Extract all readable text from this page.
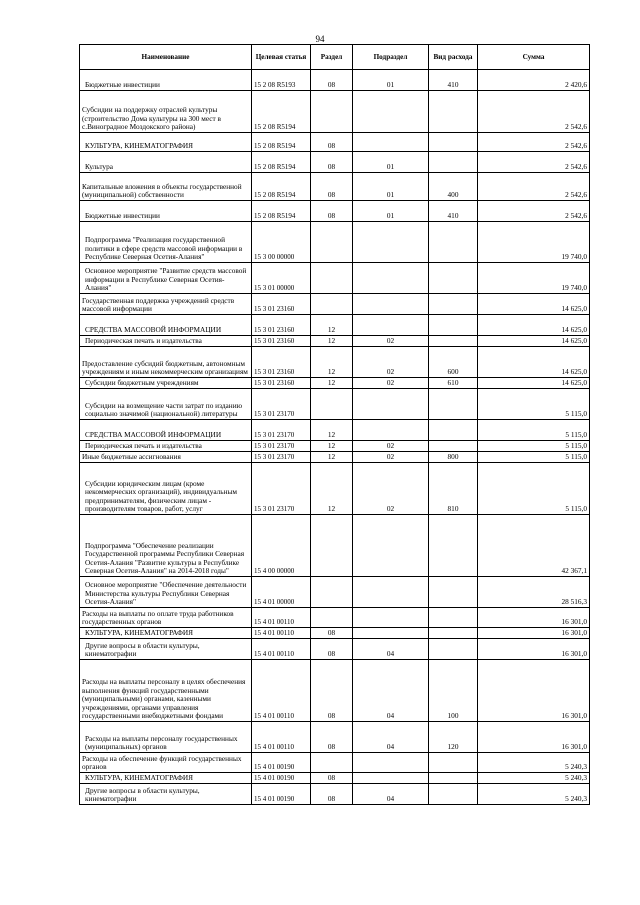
94
Наименование	Целевая статья	Раздел	Подраздел	Вид расхода	Сумма
Бюджетные инвестиции	15 2 08 R5193	08	01	410	2 420,6
Субсидии на поддержку отраслей культуры (строительство Дома культуры на 300 мест в с.Виноградное Моздокского района)	15 2 08 R5194				2 542,6
КУЛЬТУРА, КИНЕМАТОГРАФИЯ	15 2 08 R5194	08			2 542,6
Культура	15 2 08 R5194	08	01		2 542,6
Капитальные вложения в объекты государственной (муниципальной) собственности	15 2 08 R5194	08	01	400	2 542,6
Бюджетные инвестиции	15 2 08 R5194	08	01	410	2 542,6
Подпрограмма "Реализация государственной политики в сфере средств массовой информации в Республике Северная Осетия-Алания"	15 3 00 00000				19 740,0
Основное мероприятие "Развитие средств массовой информации в Республике Северная Осетия-Алания"	15 3 01 00000				19 740,0
Государственная поддержка учреждений средств массовой информации	15 3 01 23160				14 625,0
СРЕДСТВА МАССОВОЙ ИНФОРМАЦИИ	15 3 01 23160	12			14 625,0
Периодическая печать и издательства	15 3 01 23160	12	02		14 625,0
Предоставление субсидий бюджетным, автономным учреждениям и иным некоммерческим организациям	15 3 01 23160	12	02	600	14 625,0
Субсидии бюджетным учреждениям	15 3 01 23160	12	02	610	14 625,0
Субсидии на возмещение части затрат по изданию социально значимой (национальной) литературы	15 3 01 23170				5 115,0
СРЕДСТВА МАССОВОЙ ИНФОРМАЦИИ	15 3 01 23170	12			5 115,0
Периодическая печать и издательства	15 3 01 23170	12	02		5 115,0
Иные бюджетные ассигнования	15 3 01 23170	12	02	800	5 115,0
Субсидии юридическим лицам (кроме некоммерческих организаций), индивидуальным предпринимателям, физическим лицам - производителям товаров, работ, услуг	15 3 01 23170	12	02	810	5 115,0
Подпрограмма "Обеспечение реализации Государственной программы Республики Северная Осетия-Алания "Развитие культуры в Республике Северная Осетия-Алания" на 2014-2018 годы"	15 4 00 00000				42 367,1
Основное мероприятие "Обеспечение деятельности Министерства культуры Республики Северная Осетия-Алания"	15 4 01 00000				28 516,3
Расходы на выплаты по оплате труда работников государственных органов	15 4 01 00110				16 301,0
КУЛЬТУРА, КИНЕМАТОГРАФИЯ	15 4 01 00110	08			16 301,0
Другие вопросы в области культуры, кинематографии	15 4 01 00110	08	04		16 301,0
Расходы на выплаты персоналу в целях обеспечения выполнения функций государственными (муниципальными) органами, казенными учреждениями, органами управления государственными внебюджетными фондами	15 4 01 00110	08	04	100	16 301,0
Расходы на выплаты персоналу государственных (муниципальных) органов	15 4 01 00110	08	04	120	16 301,0
Расходы на обеспечение функций государственных органов	15 4 01 00190				5 240,3
КУЛЬТУРА, КИНЕМАТОГРАФИЯ	15 4 01 00190	08			5 240,3
Другие вопросы в области культуры, кинематографии	15 4 01 00190	08	04		5 240,3
